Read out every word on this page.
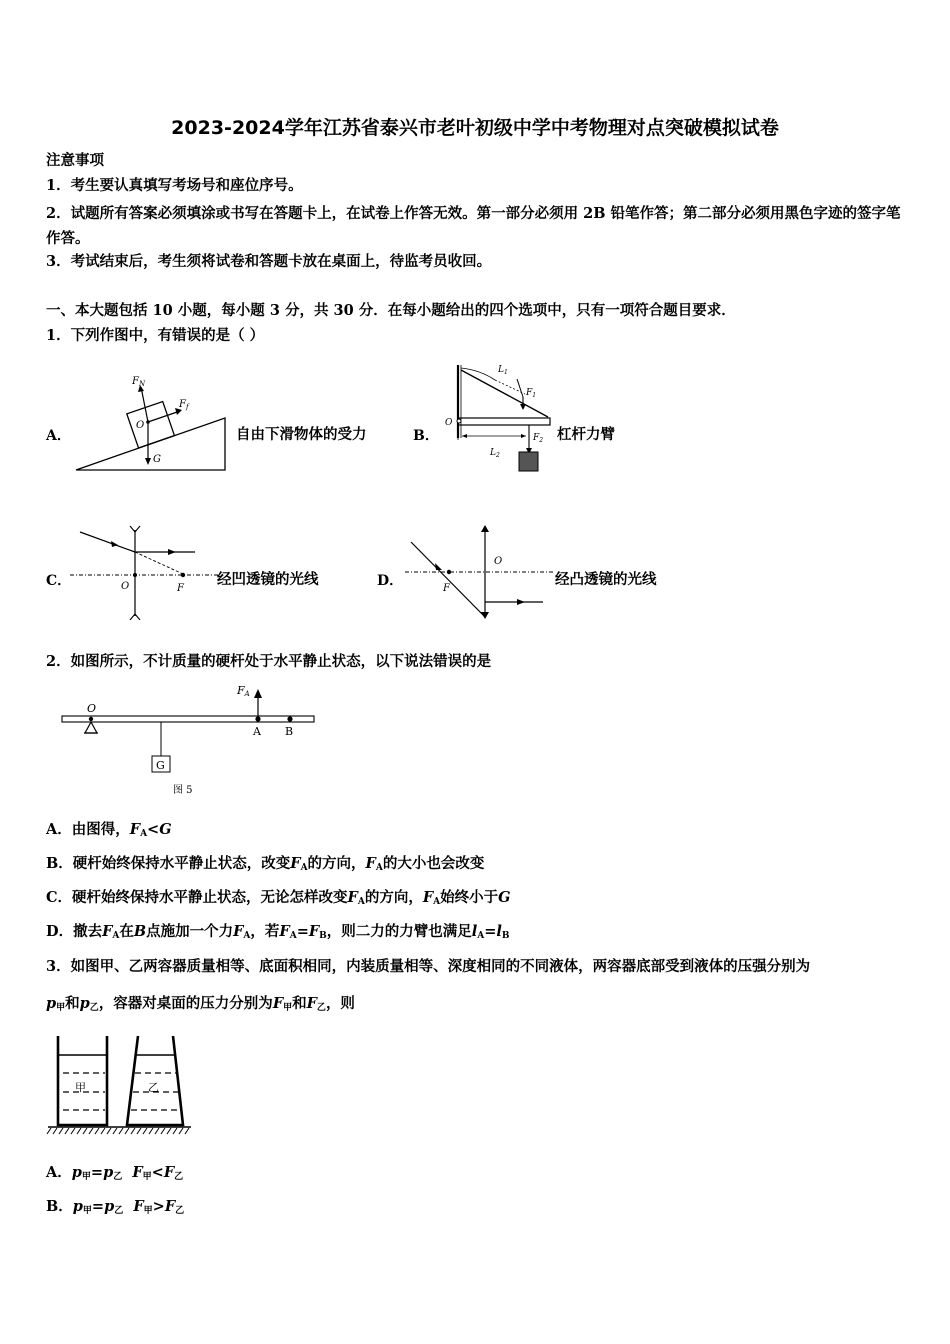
2023-2024学年江苏省泰兴市老叶初级中学中考物理对点突破模拟试卷
注意事项
1．考生要认真填写考场号和座位序号。
2．试题所有答案必须填涂或书写在答题卡上，在试卷上作答无效。第一部分必须用 2B 铅笔作答；第二部分必须用黑色字迹的签字笔作答。
3．考试结束后，考生须将试卷和答题卡放在桌面上，待监考员收回。
一、本大题包括 10 小题，每小题 3 分，共 30 分．在每小题给出的四个选项中，只有一项符合题目要求．
1．下列作图中，有错误的是（ ）
A．
$F_N$
O
$F_f$
G
自由下滑物体的受力	B．
$L_1$
$F_1$
O
$F_2$
$L_2$
杠杆力臂
C．	O	F
经凹透镜的光线	D．
O
F
经凸透镜的光线
2．如图所示，不计质量的硬杆处于水平静止状态，以下说法错误的是
FA
O
A B
G
图 5
A．由图得，$F_A<G$
B．硬杆始终保持水平静止状态，改变$F_A$的方向，$F_A$的大小也会改变
C．硬杆始终保持水平静止状态，无论怎样改变$F_A$的方向，$F_A$始终小于G
D．撤去$F_A$在B点施加一个力$F_A$，若$F_A=F_B$，则二力的力臂也满足$l_A=l_B$
3．如图甲、乙两容器质量相等、底面积相同，内装质量相等、深度相同的不同液体，两容器底部受到液体的压强分别为
$p_甲$和$p_乙$，容器对桌面的压力分别为$F_甲$和$F_乙$，则
甲	乙
A．$p_甲=p_乙$ $F_甲<F_乙$
B．$p_甲=p_乙$ $F_甲>F_乙$
